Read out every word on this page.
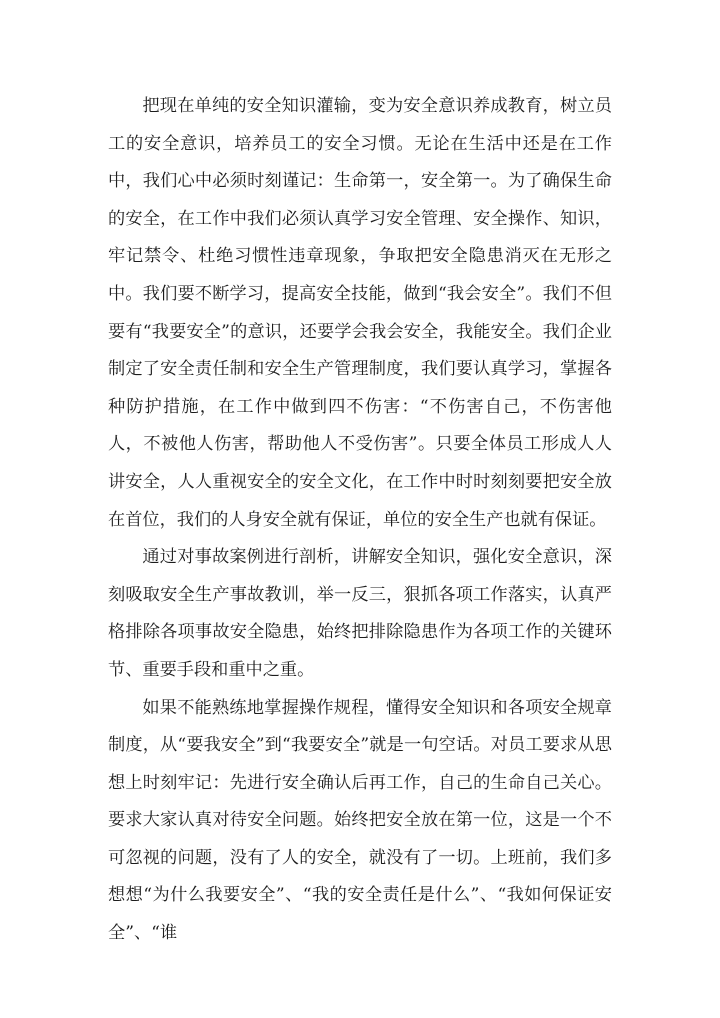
把现在单纯的安全知识灌输，变为安全意识养成教育，树立员工的安全意识，培养员工的安全习惯。无论在生活中还是在工作中，我们心中必须时刻谨记：生命第一，安全第一。为了确保生命的安全，在工作中我们必须认真学习安全管理、安全操作、知识，牢记禁令、杜绝习惯性违章现象，争取把安全隐患消灭在无形之中。我们要不断学习，提高安全技能，做到“我会安全”。我们不但要有“我要安全”的意识，还要学会我会安全，我能安全。我们企业制定了安全责任制和安全生产管理制度，我们要认真学习，掌握各种防护措施，在工作中做到四不伤害：“不伤害自己，不伤害他人，不被他人伤害，帮助他人不受伤害”。只要全体员工形成人人讲安全，人人重视安全的安全文化，在工作中时时刻刻要把安全放在首位，我们的人身安全就有保证，单位的安全生产也就有保证。

通过对事故案例进行剖析，讲解安全知识，强化安全意识，深刻吸取安全生产事故教训，举一反三，狠抓各项工作落实，认真严格排除各项事故安全隐患，始终把排除隐患作为各项工作的关键环节、重要手段和重中之重。

如果不能熟练地掌握操作规程，懂得安全知识和各项安全规章制度，从“要我安全”到“我要安全”就是一句空话。对员工要求从思想上时刻牢记：先进行安全确认后再工作，自己的生命自己关心。要求大家认真对待安全问题。始终把安全放在第一位，这是一个不可忽视的问题，没有了人的安全，就没有了一切。上班前，我们多想想“为什么我要安全”、“我的安全责任是什么”、“我如何保证安全”、“谁
